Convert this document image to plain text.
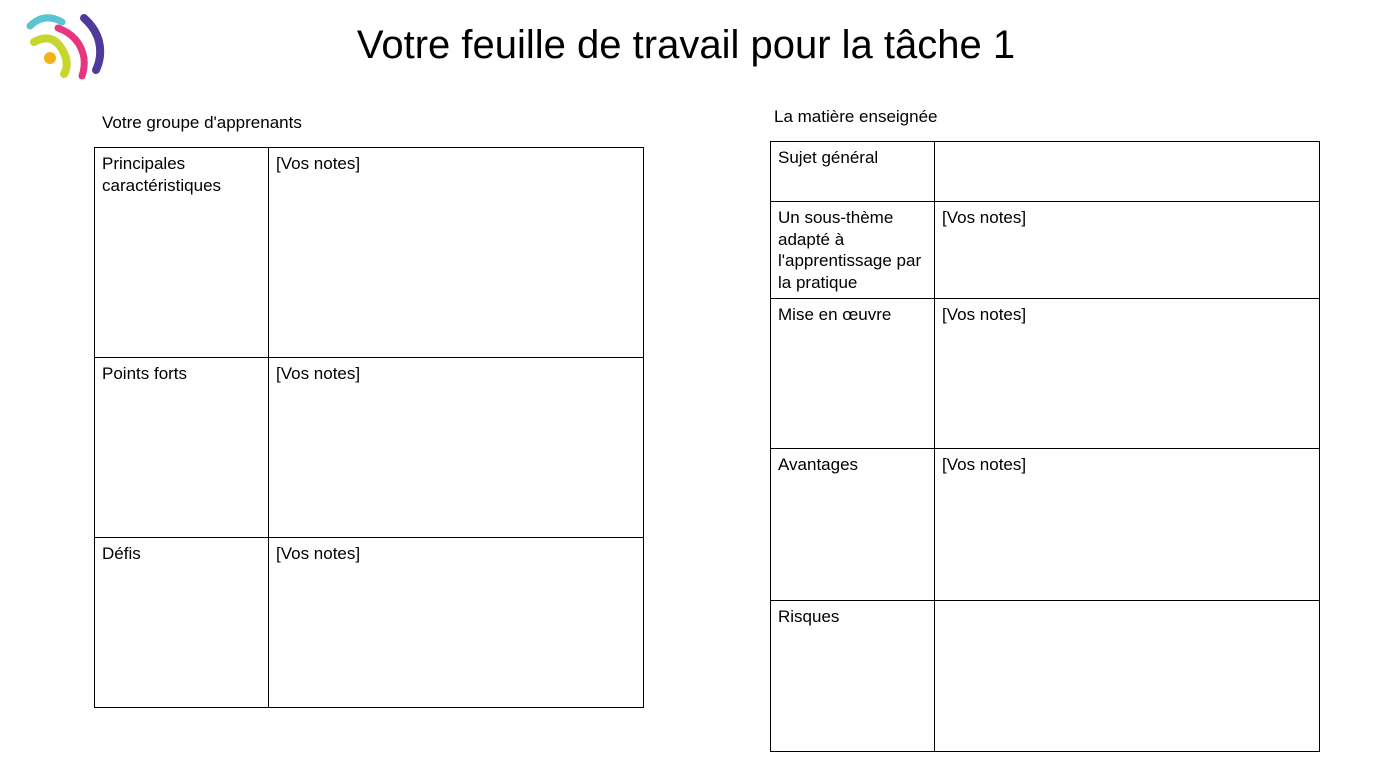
Votre feuille de travail pour la tâche 1
Votre groupe d'apprenants
Principales caractéristiques	[Vos notes]
Points forts	[Vos notes]
Défis	[Vos notes]
La matière enseignée
Sujet général	
Un sous-thème adapté à l'apprentissage par la pratique	[Vos notes]
Mise en œuvre	[Vos notes]
Avantages	[Vos notes]
Risques	
